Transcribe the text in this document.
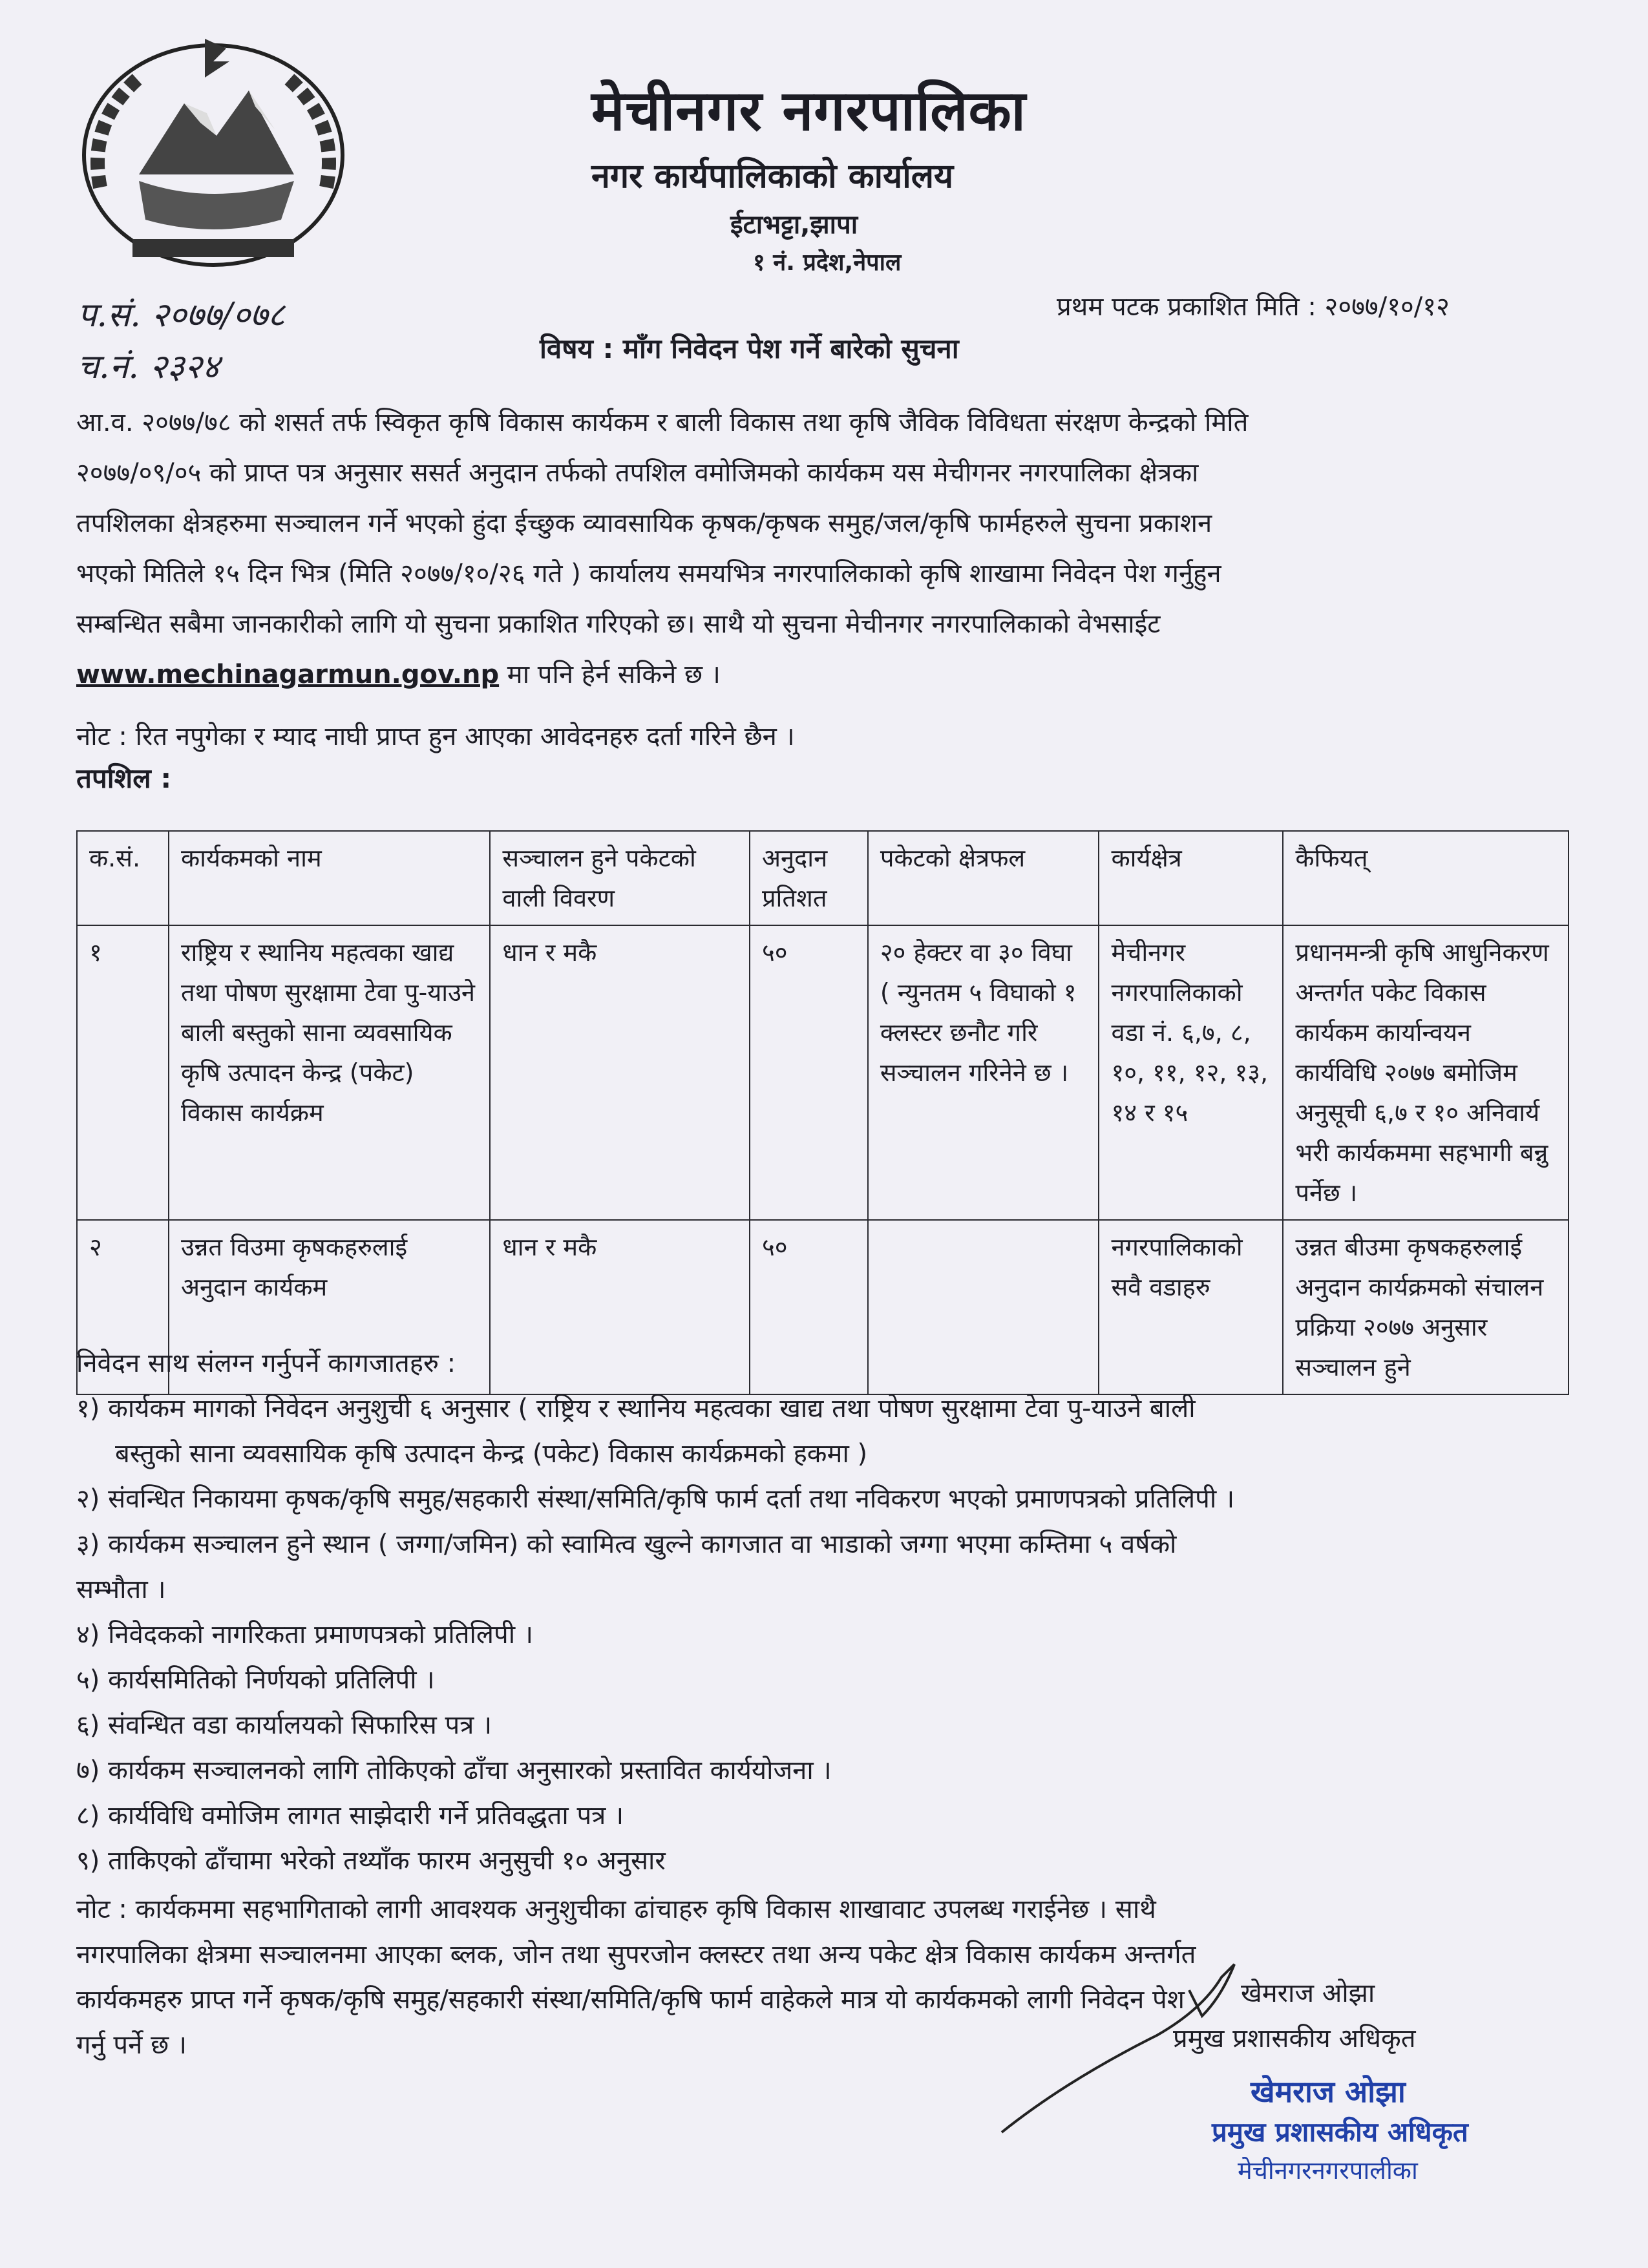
मेचीनगर नगरपालिका
नगर कार्यपालिकाको कार्यालय
ईटाभट्टा,झापा
१ नं. प्रदेश,नेपाल
प.सं. २०७७/०७८
च.नं. २३२४
प्रथम पटक प्रकाशित मिति : २०७७/१०/१२
विषय : माँग निवेदन पेश गर्ने बारेको सुचना

आ.व. २०७७/७८ को शसर्त तर्फ स्विकृत कृषि विकास कार्यकम र बाली विकास तथा कृषि जैविक विविधता संरक्षण केन्द्रको मिति

२०७७/०९/०५ को प्राप्त पत्र अनुसार ससर्त अनुदान तर्फको तपशिल वमोजिमको कार्यकम यस मेचीगनर नगरपालिका क्षेत्रका

तपशिलका क्षेत्रहरुमा सञ्चालन गर्ने भएको हुंदा ईच्छुक व्यावसायिक कृषक/कृषक समुह/जल/कृषि फार्महरुले सुचना प्रकाशन

भएको मितिले १५ दिन भित्र (मिति २०७७/१०/२६ गते ) कार्यालय समयभित्र नगरपालिकाको कृषि शाखामा निवेदन पेश गर्नुहुन

सम्बन्धित सबैमा जानकारीको लागि यो सुचना प्रकाशित गरिएको छ। साथै यो सुचना मेचीनगर नगरपालिकाको वेभसाईट

www.mechinagarmun.gov.np मा पनि हेर्न सकिने छ ।

नोट : रित नपुगेका र म्याद नाघी प्राप्त हुन आएका आवेदनहरु दर्ता गरिने छैन ।
तपशिल :
क.सं.	कार्यकमको नाम	सञ्चालन हुने पकेटको वाली विवरण	अनुदान प्रतिशत	पकेटको क्षेत्रफल	कार्यक्षेत्र	कैफियत्
१	राष्ट्रिय र स्थानिय महत्वका खाद्य तथा पोषण सुरक्षामा टेवा पु-याउने बाली बस्तुको साना व्यवसायिक कृषि उत्पादन केन्द्र (पकेट) विकास कार्यक्रम	धान र मकै	५०	२० हेक्टर वा ३० विघा ( न्युनतम ५ विघाको १ क्लस्टर छनौट गरि सञ्चालन गरिनेने छ ।	मेचीनगर नगरपालिकाको वडा नं. ६,७, ८, १०, ११, १२, १३, १४ र १५	प्रधानमन्त्री कृषि आधुनिकरण अन्तर्गत पकेट विकास कार्यकम कार्यान्वयन कार्यविधि २०७७ बमोजिम अनुसूची ६,७ र १० अनिवार्य भरी कार्यकममा सहभागी बन्नु पर्नेछ ।
२	उन्नत विउमा कृषकहरुलाई अनुदान कार्यकम	धान र मकै	५०		नगरपालिकाको सवै वडाहरु	उन्नत बीउमा कृषकहरुलाई अनुदान कार्यक्रमको संचालन प्रक्रिया २०७७ अनुसार सञ्चालन हुने
निवेदन साथ संलग्न गर्नुपर्ने कागजातहरु :
१) कार्यकम मागको निवेदन अनुशुची ६ अनुसार ( राष्ट्रिय र स्थानिय महत्वका खाद्य तथा पोषण सुरक्षामा टेवा पु-याउने बाली
बस्तुको साना व्यवसायिक कृषि उत्पादन केन्द्र (पकेट) विकास कार्यक्रमको हकमा )
२) संवन्धित निकायमा कृषक/कृषि समुह/सहकारी संस्था/समिति/कृषि फार्म दर्ता तथा नविकरण भएको प्रमाणपत्रको प्रतिलिपी ।
३) कार्यकम सञ्चालन हुने स्थान ( जग्गा/जमिन) को स्वामित्व खुल्ने कागजात वा भाडाको जग्गा भएमा कम्तिमा ५ वर्षको
सम्भौता ।
४) निवेदकको नागरिकता प्रमाणपत्रको प्रतिलिपी ।
५) कार्यसमितिको निर्णयको प्रतिलिपी ।
६) संवन्धित वडा कार्यालयको सिफारिस पत्र ।
७) कार्यकम सञ्चालनको लागि तोकिएको ढाँचा अनुसारको प्रस्तावित कार्ययोजना ।
८) कार्यविधि वमोजिम लागत साझेदारी गर्ने प्रतिवद्धता पत्र ।
९) ताकिएको ढाँचामा भरेको तथ्याँक फारम अनुसुची १० अनुसार
नोट : कार्यकममा सहभागिताको लागी आवश्यक अनुशुचीका ढांचाहरु कृषि विकास शाखावाट उपलब्ध गराईनेछ । साथै
नगरपालिका क्षेत्रमा सञ्चालनमा आएका ब्लक, जोन तथा सुपरजोन क्लस्टर तथा अन्य पकेट क्षेत्र विकास कार्यकम अन्तर्गत
कार्यकमहरु प्राप्त गर्ने कृषक/कृषि समुह/सहकारी संस्था/समिति/कृषि फार्म वाहेकले मात्र यो कार्यकमको लागी निवेदन पेश
गर्नु पर्ने छ ।
खेमराज ओझा
प्रमुख प्रशासकीय अधिकृत
खेमराज ओझा
प्रमुख प्रशासकीय अधिकृत
मेचीनगरनगरपालीका
